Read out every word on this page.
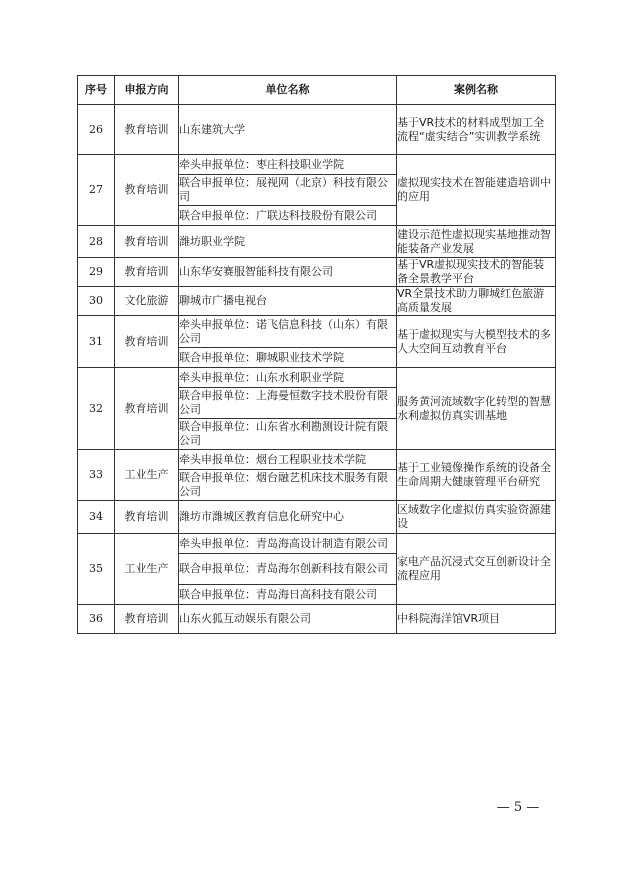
序号	申报方向	单位名称	案例名称
26	教育培训	山东建筑大学	基于VR技术的材料成型加工全流程“虚实结合”实训教学系统
27	教育培训	牵头申报单位：枣庄科技职业学院	虚拟现实技术在智能建造培训中的应用
		联合申报单位：展视网（北京）科技有限公司	
		联合申报单位：广联达科技股份有限公司	
28	教育培训	潍坊职业学院	建设示范性虚拟现实基地推动智能装备产业发展
29	教育培训	山东华安赛服智能科技有限公司	基于VR虚拟现实技术的智能装备全景教学平台
30	文化旅游	聊城市广播电视台	VR全景技术助力聊城红色旅游高质量发展
31	教育培训	牵头申报单位：诺飞信息科技（山东）有限公司	基于虚拟现实与大模型技术的多人大空间互动教育平台
		联合申报单位：聊城职业技术学院	
32	教育培训	牵头申报单位：山东水利职业学院	服务黄河流域数字化转型的智慧水利虚拟仿真实训基地
		联合申报单位：上海曼恒数字技术股份有限公司	
		联合申报单位：山东省水利勘测设计院有限公司	
33	工业生产	牵头申报单位：烟台工程职业技术学院	基于工业镜像操作系统的设备全生命周期大健康管理平台研究
		联合申报单位：烟台融艺机床技术服务有限公司	
34	教育培训	潍坊市潍城区教育信息化研究中心	区域数字化虚拟仿真实验资源建设
35	工业生产	牵头申报单位：青岛海高设计制造有限公司	家电产品沉浸式交互创新设计全流程应用
		联合申报单位：青岛海尔创新科技有限公司	
		联合申报单位：青岛海日高科技有限公司	
36	教育培训	山东火狐互动娱乐有限公司	中科院海洋馆VR项目
— 5 —
